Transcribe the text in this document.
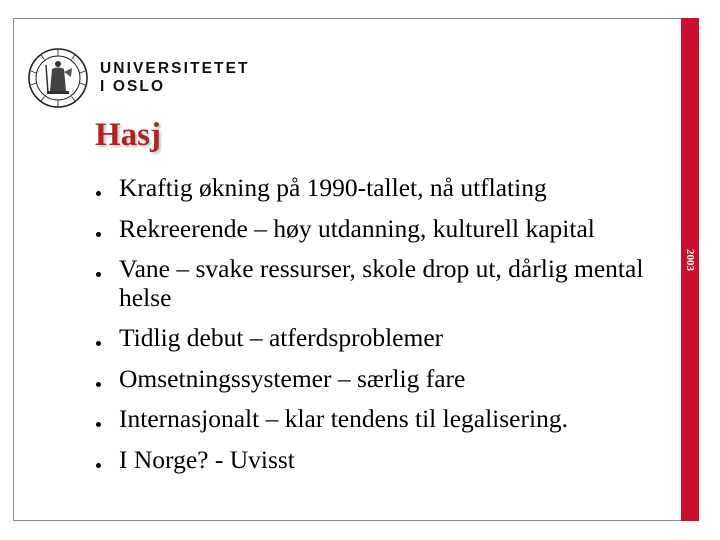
UNIVERSITETET
I OSLO
Hasj
Kraftig økning på 1990-tallet, nå utflating
Rekreerende – høy utdanning, kulturell kapital
Vane – svake ressurser, skole drop ut, dårlig mental helse
Tidlig debut – atferdsproblemer
Omsetningssystemer – særlig fare
Internasjonalt – klar tendens til legalisering.
I Norge? - Uvisst
2003
